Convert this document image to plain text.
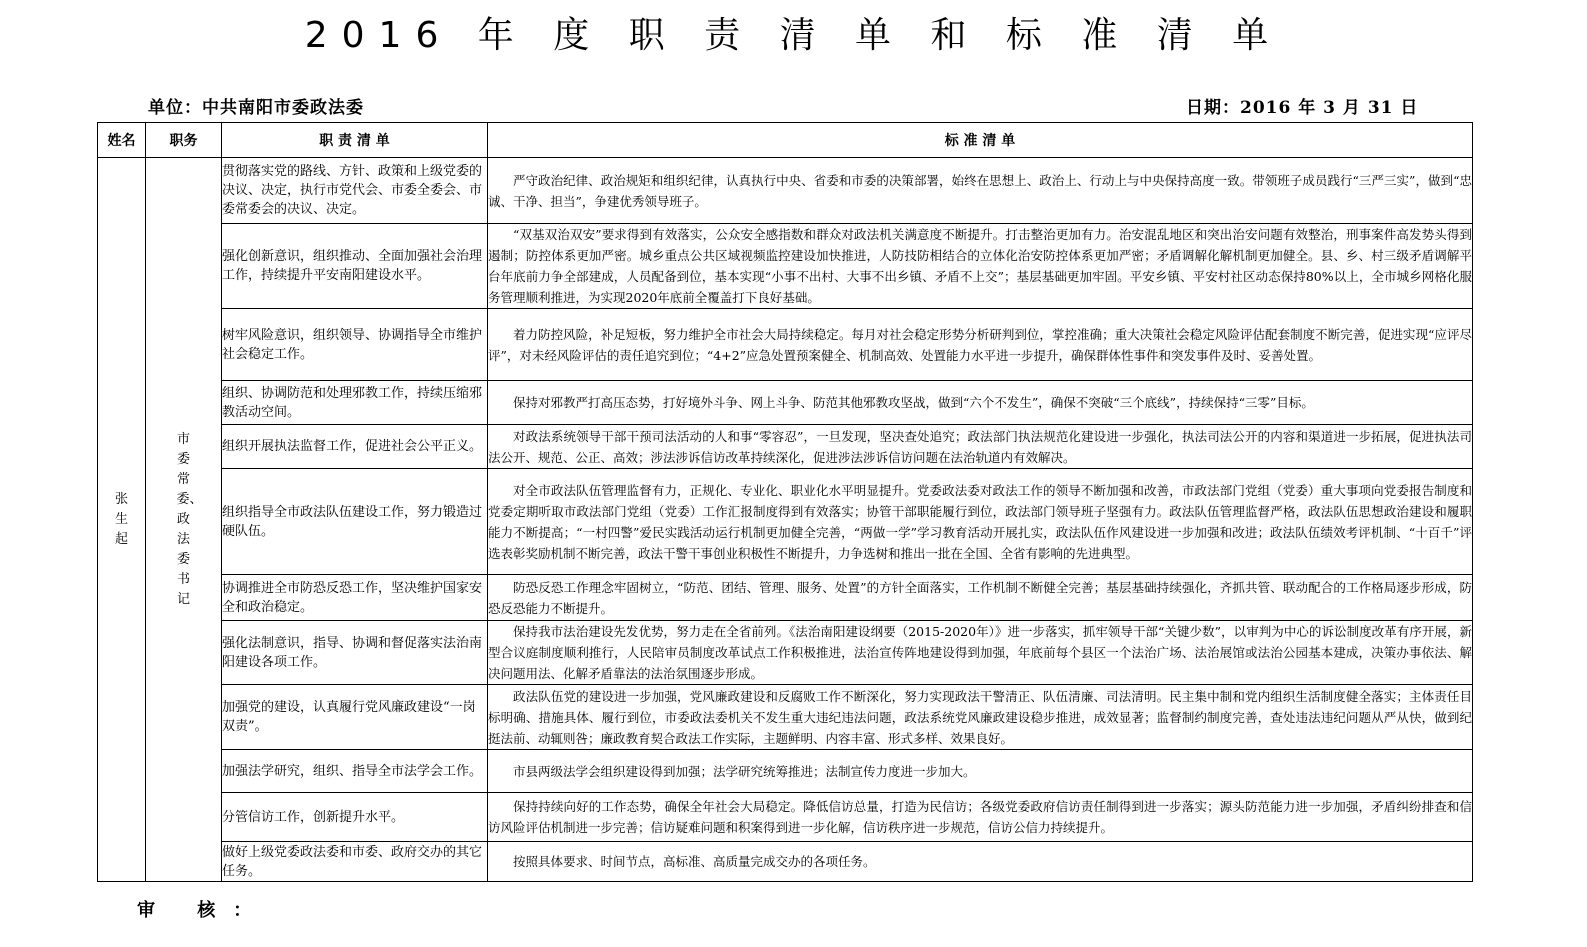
2016 年 度 职 责 清 单 和 标 准 清 单
单位：中共南阳市委政法委	日期：2016 年 3 月 31 日
姓名	职务	职 责 清 单	标 准 清 单
张生起	市委常委、政法委书记	贯彻落实党的路线、方针、政策和上级党委的决议、决定，执行市党代会、市委全委会、市委常委会的决议、决定。	严守政治纪律、政治规矩和组织纪律，认真执行中央、省委和市委的决策部署，始终在思想上、政治上、行动上与中央保持高度一致。带领班子成员践行“三严三实”，做到“忠诚、干净、担当”，争建优秀领导班子。
		强化创新意识，组织推动、全面加强社会治理工作，持续提升平安南阳建设水平。	“双基双治双安”要求得到有效落实，公众安全感指数和群众对政法机关满意度不断提升。打击整治更加有力。治安混乱地区和突出治安问题有效整治，刑事案件高发势头得到遏制；防控体系更加严密。城乡重点公共区域视频监控建设加快推进，人防技防相结合的立体化治安防控体系更加严密；矛盾调解化解机制更加健全。县、乡、村三级矛盾调解平台年底前力争全部建成，人员配备到位，基本实现“小事不出村、大事不出乡镇、矛盾不上交”；基层基础更加牢固。平安乡镇、平安村社区动态保持80%以上，全市城乡网格化服务管理顺利推进，为实现2020年底前全覆盖打下良好基础。
		树牢风险意识，组织领导、协调指导全市维护社会稳定工作。	着力防控风险，补足短板，努力维护全市社会大局持续稳定。每月对社会稳定形势分析研判到位，掌控准确；重大决策社会稳定风险评估配套制度不断完善，促进实现“应评尽评”，对未经风险评估的责任追究到位；“4+2”应急处置预案健全、机制高效、处置能力水平进一步提升，确保群体性事件和突发事件及时、妥善处置。
		组织、协调防范和处理邪教工作，持续压缩邪教活动空间。	保持对邪教严打高压态势，打好境外斗争、网上斗争、防范其他邪教攻坚战，做到“六个不发生”，确保不突破“三个底线”，持续保持“三零”目标。
		组织开展执法监督工作，促进社会公平正义。	对政法系统领导干部干预司法活动的人和事“零容忍”，一旦发现，坚决查处追究；政法部门执法规范化建设进一步强化，执法司法公开的内容和渠道进一步拓展，促进执法司法公开、规范、公正、高效；涉法涉诉信访改革持续深化，促进涉法涉诉信访问题在法治轨道内有效解决。
		组织指导全市政法队伍建设工作，努力锻造过硬队伍。	对全市政法队伍管理监督有力，正规化、专业化、职业化水平明显提升。党委政法委对政法工作的领导不断加强和改善，市政法部门党组（党委）重大事项向党委报告制度和党委定期听取市政法部门党组（党委）工作汇报制度得到有效落实；协管干部职能履行到位，政法部门领导班子坚强有力。政法队伍管理监督严格，政法队伍思想政治建设和履职能力不断提高；“一村四警”爱民实践活动运行机制更加健全完善，“两做一学”学习教育活动开展扎实，政法队伍作风建设进一步加强和改进；政法队伍绩效考评机制、“十百千”评选表彰奖励机制不断完善，政法干警干事创业积极性不断提升，力争选树和推出一批在全国、全省有影响的先进典型。
		协调推进全市防恐反恐工作，坚决维护国家安全和政治稳定。	防恐反恐工作理念牢固树立，“防范、团结、管理、服务、处置”的方针全面落实，工作机制不断健全完善；基层基础持续强化，齐抓共管、联动配合的工作格局逐步形成，防恐反恐能力不断提升。
		强化法制意识，指导、协调和督促落实法治南阳建设各项工作。	保持我市法治建设先发优势，努力走在全省前列。《法治南阳建设纲要（2015-2020年）》进一步落实，抓牢领导干部“关键少数”，以审判为中心的诉讼制度改革有序开展，新型合议庭制度顺利推行，人民陪审员制度改革试点工作积极推进，法治宣传阵地建设得到加强，年底前每个县区一个法治广场、法治展馆或法治公园基本建成，决策办事依法、解决问题用法、化解矛盾靠法的法治氛围逐步形成。
		加强党的建设，认真履行党风廉政建设“一岗双责”。	政法队伍党的建设进一步加强，党风廉政建设和反腐败工作不断深化，努力实现政法干警清正、队伍清廉、司法清明。民主集中制和党内组织生活制度健全落实；主体责任目标明确、措施具体、履行到位，市委政法委机关不发生重大违纪违法问题，政法系统党风廉政建设稳步推进，成效显著；监督制约制度完善，查处违法违纪问题从严从快，做到纪挺法前、动辄则咎；廉政教育契合政法工作实际，主题鲜明、内容丰富、形式多样、效果良好。
		加强法学研究，组织、指导全市法学会工作。	市县两级法学会组织建设得到加强；法学研究统筹推进；法制宣传力度进一步加大。
		分管信访工作，创新提升水平。	保持持续向好的工作态势，确保全年社会大局稳定。降低信访总量，打造为民信访；各级党委政府信访责任制得到进一步落实；源头防范能力进一步加强，矛盾纠纷排查和信访风险评估机制进一步完善；信访疑难问题和积案得到进一步化解，信访秩序进一步规范，信访公信力持续提升。
		做好上级党委政法委和市委、政府交办的其它任务。	按照具体要求、时间节点，高标准、高质量完成交办的各项任务。
审 核：
